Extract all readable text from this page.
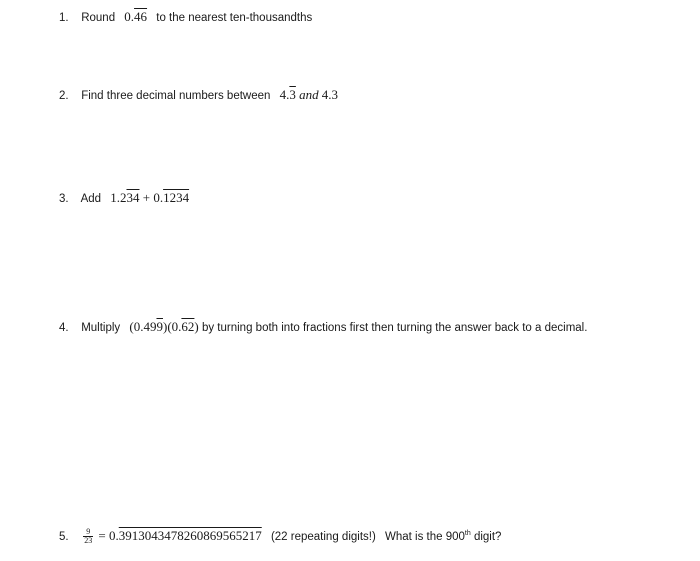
1. Round 0.46 to the nearest ten-thousandths
2. Find three decimal numbers between 4.3 and 4.3
3. Add 1.234 + 0.1234
4. Multiply (0.499)(0.62) by turning both into fractions first then turning the answer back to a decimal.
5. $\frac{9}{23} = 0.3913043478260869565217$ (22 repeating digits!) What is the 900th digit?
